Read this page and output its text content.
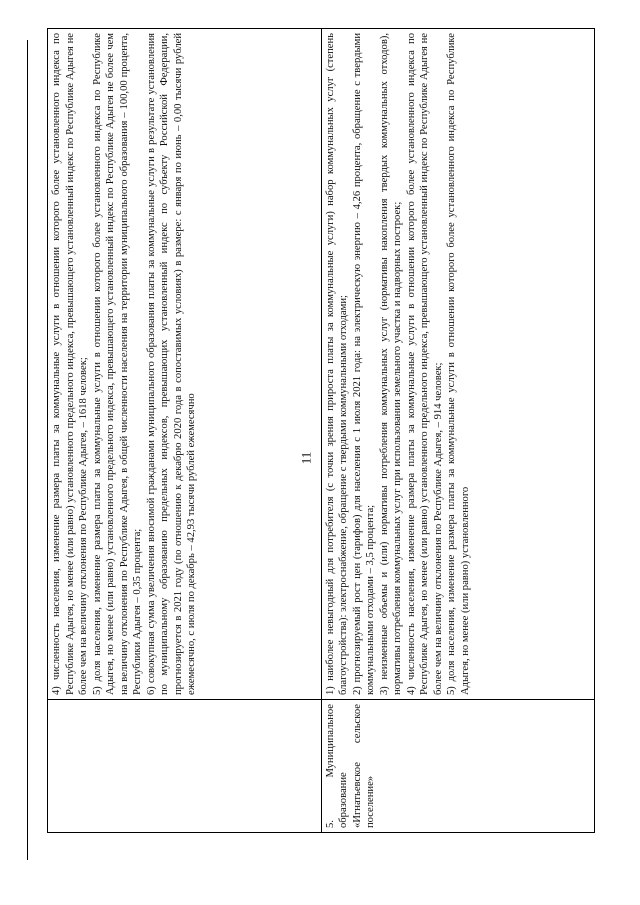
11

	4) численность населения, изменение размера платы за коммунальные услуги в отношении которого более установленного индекса по Республике Адыгея, но менее (или равно) установленного предельного индекса, превышающего установленный индекс по Республике Адыгея не более чем на величину отклонения по Республике Адыгея, – 1618 человек; 5) доля населения, изменение размера платы за коммунальные услуги в отношении которого более установленного индекса по Республике Адыгея, но менее (или равно) установленного предельного индекса, превышающего установленный индекс по Республике Адыгея не более чем на величину отклонения по Республике Адыгея, в общей численности населения на территории муниципального образования – 100,00 процента, Республики Адыгея – 0,35 процента; 6) совокупная сумма увеличения вносимой гражданами муниципального образования платы за коммунальные услуги в результате установления по муниципальному образованию предельных индексов, превышающих установленный индекс по субъекту Российской Федерации, прогнозируется в 2021 году (по отношению к декабрю 2020 года в сопоставимых условиях) в размере: с января по июнь – 0,00 тысячи рублей ежемесячно, с июля по декабрь – 42,93 тысячи рублей ежемесячно

5. Муниципальное образование «Игнатьевское сельское поселение»	1) наиболее невыгодный для потребителя (с точки зрения прироста платы за коммунальные услуги) набор коммунальных услуг (степень благоустройства): электроснабжение, обращение с твердыми коммунальными отходами; 2) прогнозируемый рост цен (тарифов) для населения с 1 июля 2021 года: на электрическую энергию – 4,26 процента, обращение с твердыми коммунальными отходами – 3,5 процента; 3) неизменные объемы и (или) нормативы потребления коммунальных услуг (нормативы накопления твердых коммунальных отходов), нормативы потребления коммунальных услуг при использовании земельного участка и надворных построек; 4) численность населения, изменение размера платы за коммунальные услуги в отношении которого более установленного индекса по Республике Адыгея, но менее (или равно) установленного предельного индекса, превышающего установленный индекс по Республике Адыгея не более чем на величину отклонения по Республике Адыгея, – 914 человек; 5) доля населения, изменение размера платы за коммунальные услуги в отношении которого более установленного индекса по Республике Адыгея, но менее (или равно) установленного
